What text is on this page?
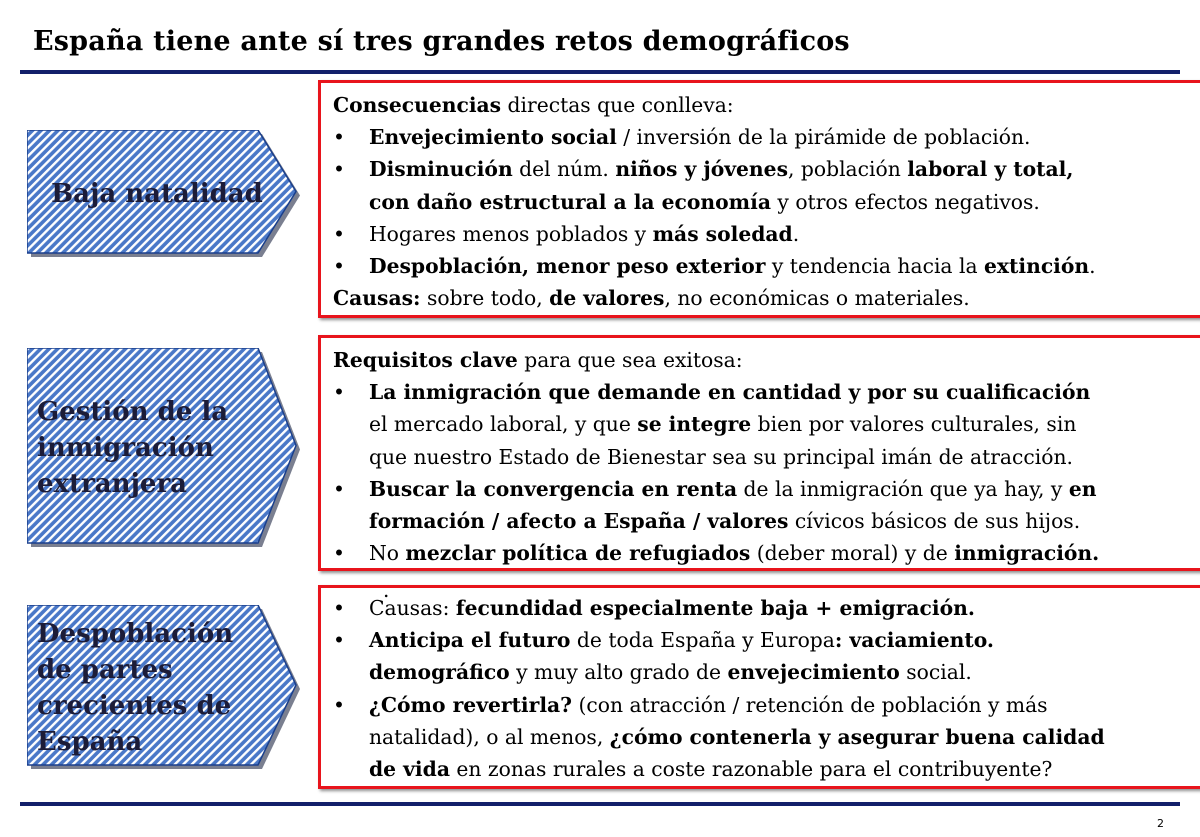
España tiene ante sí tres grandes retos demográficos
Baja natalidad
Gestión de la
inmigración
extranjera
Despoblación
de partes
crecientes de
España
Consecuencias directas que conlleva:
• Envejecimiento social / inversión de la pirámide de población.
• Disminución del núm. niños y jóvenes, población laboral y total,
con daño estructural a la economía y otros efectos negativos.
• Hogares menos poblados y más soledad.
• Despoblación, menor peso exterior y tendencia hacia la extinción.
Causas: sobre todo, de valores, no económicas o materiales.
Requisitos clave para que sea exitosa:
• La inmigración que demande en cantidad y por su cualificación
el mercado laboral, y que se integre bien por valores culturales, sin
que nuestro Estado de Bienestar sea su principal imán de atracción.
• Buscar la convergencia en renta de la inmigración que ya hay, y en
formación / afecto a España / valores cívicos básicos de sus hijos.
• No mezclar política de refugiados (deber moral) y de inmigración.
• Causas: fecundidad especialmente baja + emigración.
• Anticipa el futuro de toda España y Europa: vaciamiento.
demográfico y muy alto grado de envejecimiento social.
• ¿Cómo revertirla? (con atracción / retención de población y más
natalidad), o al menos, ¿cómo contenerla y asegurar buena calidad
de vida en zonas rurales a coste razonable para el contribuyente?
.
2
